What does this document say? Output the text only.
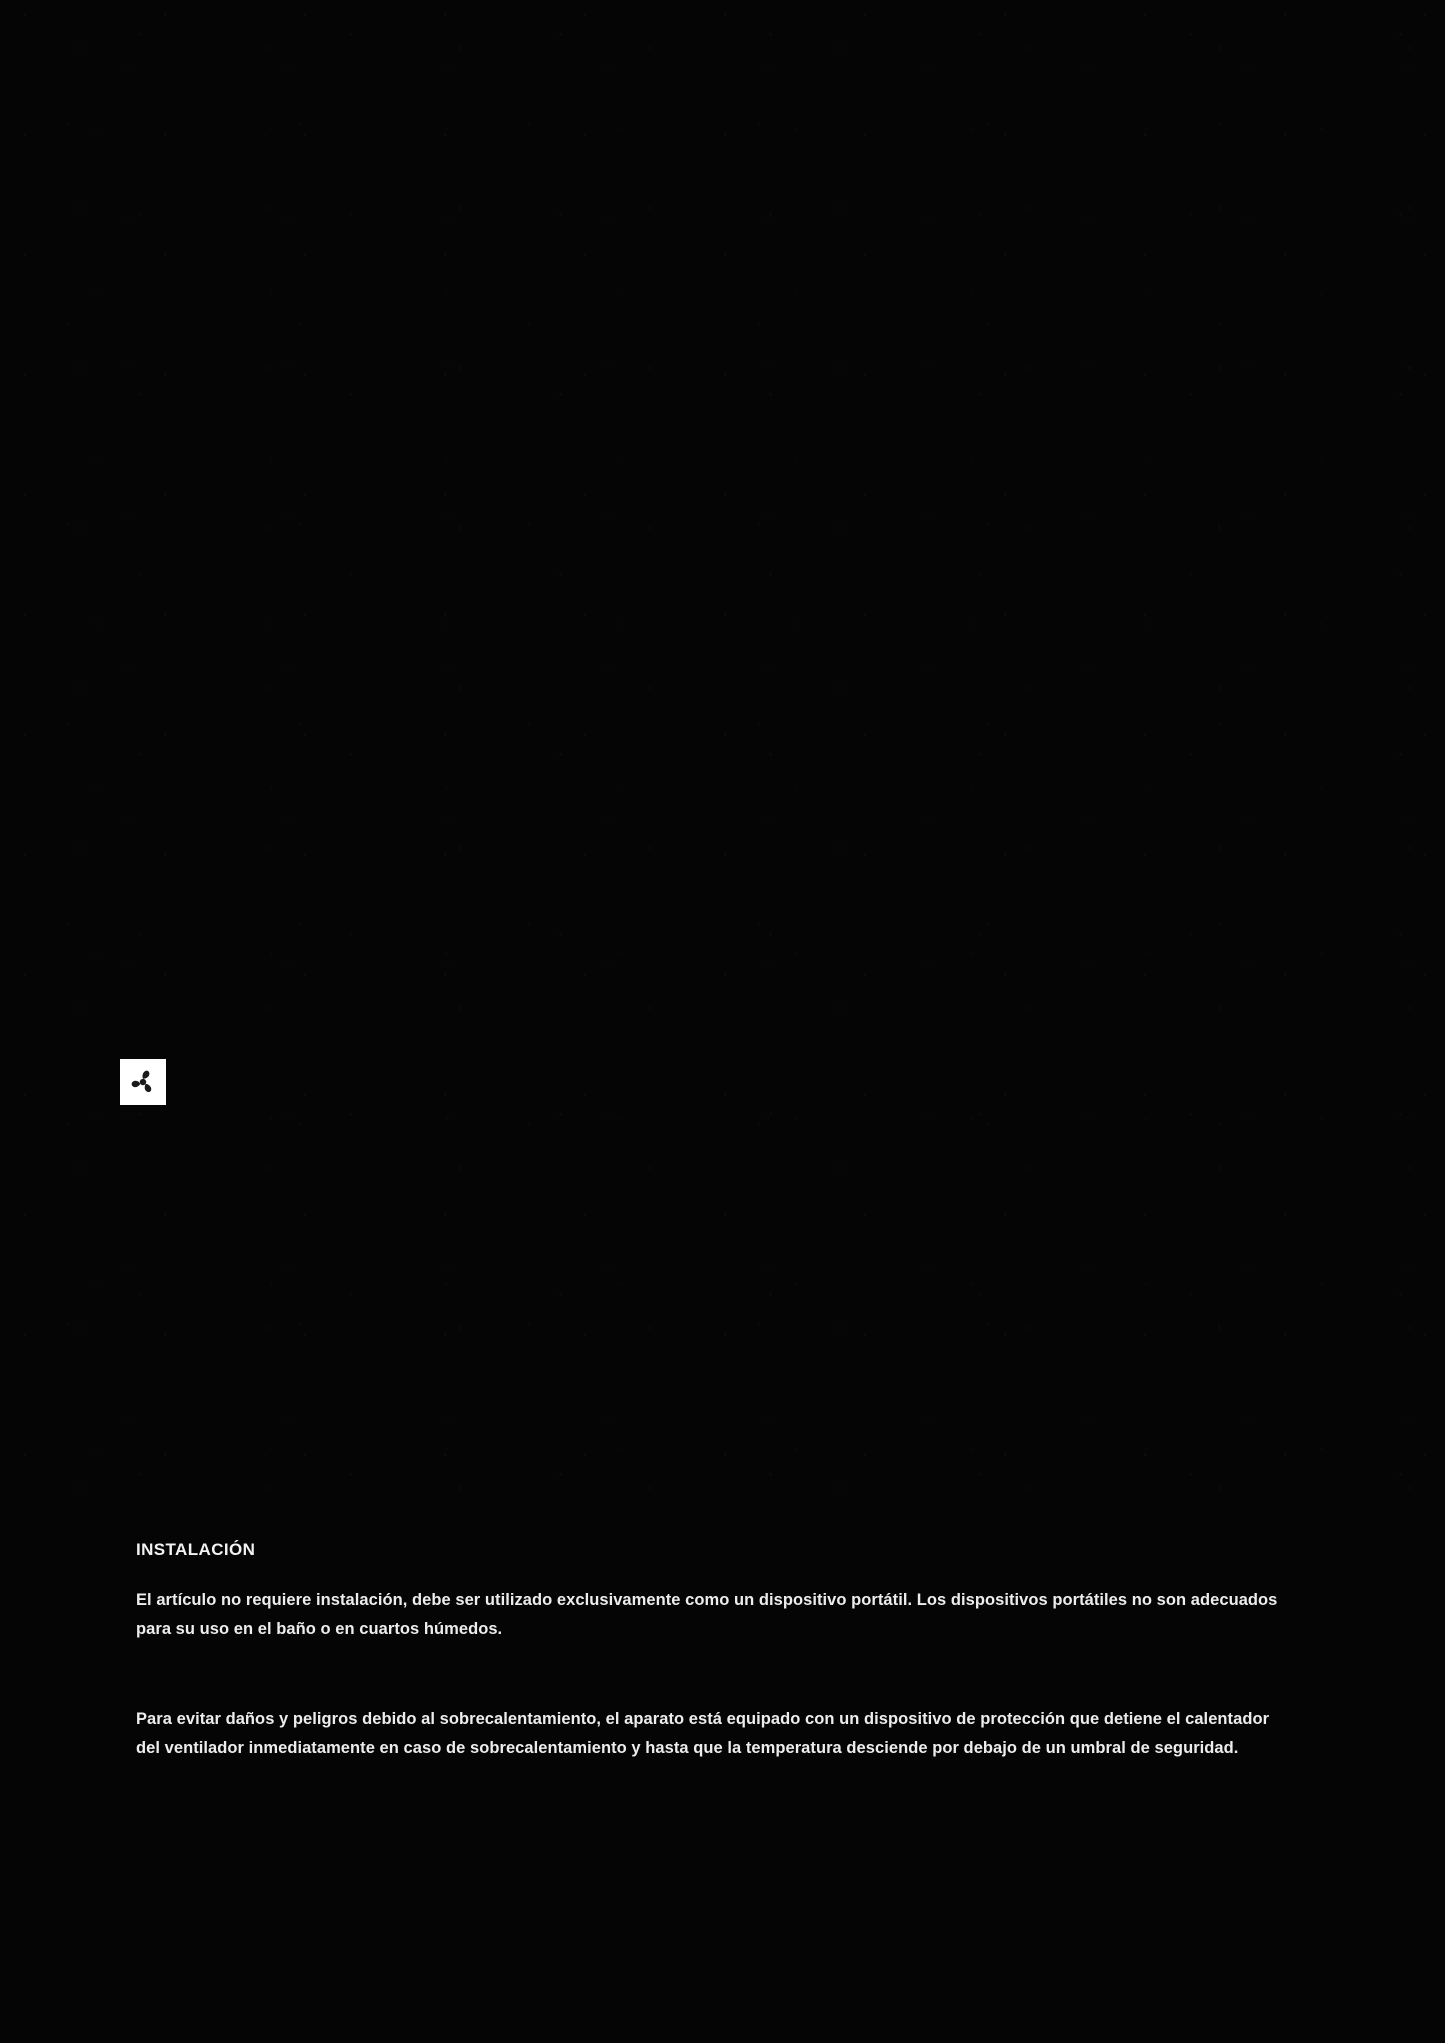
INSTALACIÓN

El artículo no requiere instalación, debe ser utilizado exclusivamente como un dispositivo portátil. Los dispositivos portátiles no son adecuados para su uso en el baño o en cuartos húmedos.

Para evitar daños y peligros debido al sobrecalentamiento, el aparato está equipado con un dispositivo de protección que detiene el calentador del ventilador inmediatamente en caso de sobrecalentamiento y hasta que la temperatura desciende por debajo de un umbral de seguridad.
